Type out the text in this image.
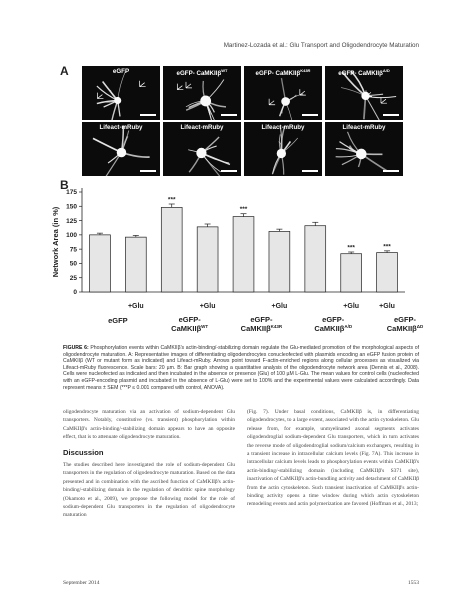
Martinez-Lozada et al.: Glu Transport and Oligodendrocyte Maturation
A	eGFP	eGFP- CaMKIIβ$^{WT}$	eGFP- CaMKIIβ$^{K43R}$	eGFP- CaMKIIβ$^{A/D}$
Lifeact-mRuby	Lifeact-mRuby	Lifeact-mRuby	Lifeact-mRuby
B
0
25
50
75
100
125
150
175
Network Area (in %)
+Glu
***
+Glu
***
+Glu
***
+Glu
***
+Glu
eGFP	eGFP-
CaMKIIβ$^{WT}$
eGFP-
CaMKIIβ$^{K43R}$
eGFP-
CaMKIIβ$^{A/D}$
eGFP-
CaMKIIβ$^{\Delta D}$
FIGURE 6: Phosphorylation events within CaMKIIβ's actin-binding/-stabilizing domain regulate the Glu-mediated promotion of the morphological aspects of oligodendrocyte maturation. A: Representative images of differentiating oligodendrocytes conucleofected with plasmids encoding an eGFP fusion protein of CaMKIIβ (WT or mutant form as indicated) and Lifeact-mRuby. Arrows point toward F-actin-enriched regions along cellular processes as visualized via Lifeact-mRuby fluorescence. Scale bars: 20 µm. B: Bar graph showing a quantitative analysis of the oligodendrocyte network area (Dennis et al., 2008). Cells were nucleofected as indicated and then incubated in the absence or presence (Glu) of 100 µM L-Glu. The mean values for control cells (nucleofected with an eGFP-encoding plasmid and incubated in the absence of L-Glu) were set to 100% and the experimental values were calculated accordingly. Data represent means ± SEM (***P ≤ 0.001 compared with control, ANOVA).

oligodendrocyte maturation via an activation of sodium-dependent Glu transporters. Notably, constitutive (vs. transient) phosphorylation within CaMKIIβ's actin-binding/-stabilizing domain appears to have an opposite effect, that is to attenuate oligodendrocyte maturation.

Discussion

The studies described here investigated the role of sodium-dependent Glu transporters in the regulation of oligodendrocyte maturation. Based on the data presented and in combination with the ascribed function of CaMKIIβ's actin-binding/-stabilizing domain in the regulation of dendritic spine morphology (Okamoto et al., 2009), we propose the following model for the role of sodium-dependent Glu transporters in the regulation of oligodendrocyte maturation

(Fig. 7). Under basal conditions, CaMKIIβ is, in differentiating oligodendrocytes, to a large extent, associated with the actin cytoskeleton. Glu release from, for example, unmyelinated axonal segments activates oligodendroglial sodium-dependent Glu transporters, which in turn activates the reverse mode of oligodendroglial sodium/calcium exchangers, resulting in a transient increase in intracellular calcium levels (Fig. 7A). This increase in intracellular calcium levels leads to phosphorylation events within CaMKIIβ's actin-binding/-stabilizing domain (including CaMKIIβ's S371 site), inactivation of CaMKIIβ's actin-bundling activity and detachment of CaMKIIβ from the actin cytoskeleton. Such transient inactivation of CaMKIIβ's actin-binding activity opens a time window during which actin cytoskeleton remodeling events and actin polymerization are favored (Hoffman et al., 2013;

September 2014	1553
